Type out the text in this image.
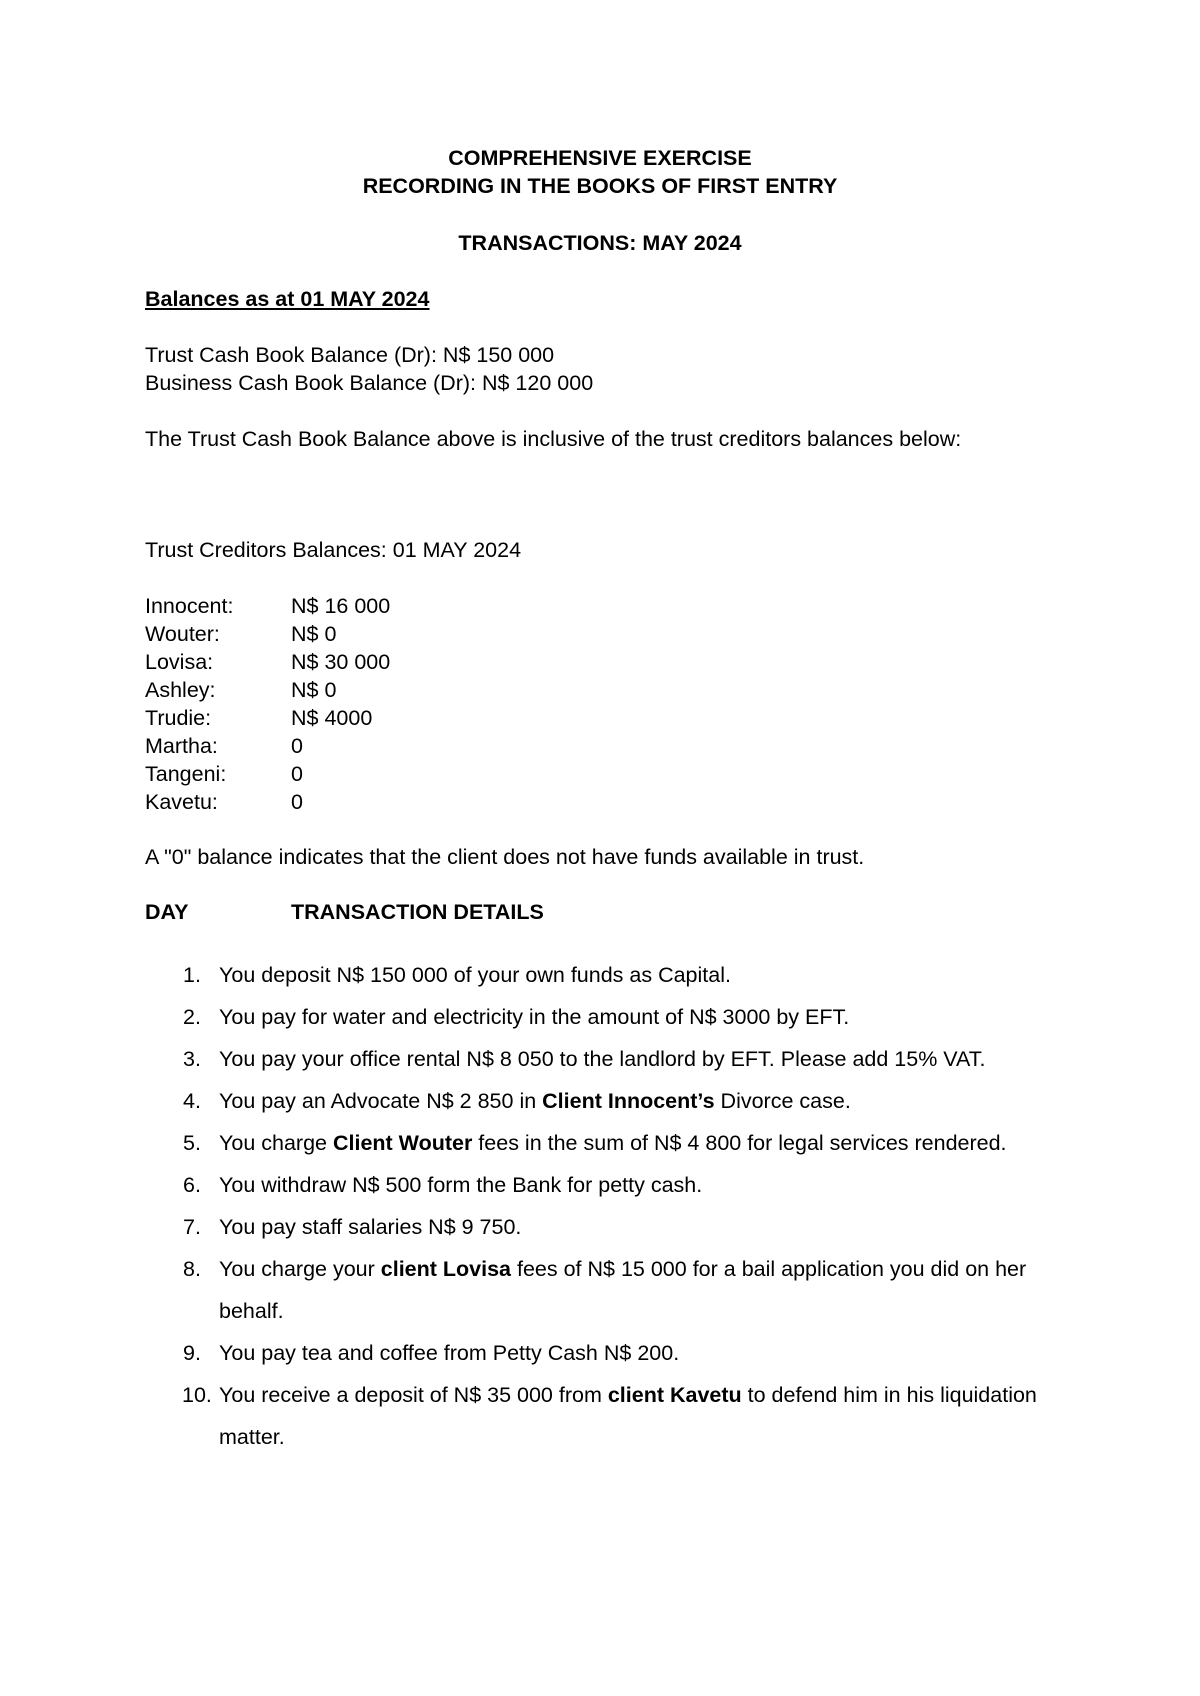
COMPREHENSIVE EXERCISE

RECORDING IN THE BOOKS OF FIRST ENTRY

TRANSACTIONS: MAY 2024

Balances as at 01 MAY 2024

Trust Cash Book Balance (Dr): N$ 150 000

Business Cash Book Balance (Dr): N$ 120 000

The Trust Cash Book Balance above is inclusive of the trust creditors balances below:

Trust Creditors Balances: 01 MAY 2024

Innocent:	N$ 16 000
Wouter:	N$ 0
Lovisa:	N$ 30 000
Ashley:	N$ 0
Trudie:	N$ 4000
Martha:	0
Tangeni:	0
Kavetu:	0

A "0" balance indicates that the client does not have funds available in trust.

DAY	TRANSACTION DETAILS

1. You deposit N$ 150 000 of your own funds as Capital.
2. You pay for water and electricity in the amount of N$ 3000 by EFT.
3. You pay your office rental N$ 8 050 to the landlord by EFT. Please add 15% VAT.
4. You pay an Advocate N$ 2 850 in Client Innocent’s Divorce case.
5. You charge Client Wouter fees in the sum of N$ 4 800 for legal services rendered.
6. You withdraw N$ 500 form the Bank for petty cash.
7. You pay staff salaries N$ 9 750.
8. You charge your client Lovisa fees of N$ 15 000 for a bail application you did on her behalf.
9. You pay tea and coffee from Petty Cash N$ 200.
10. You receive a deposit of N$ 35 000 from client Kavetu to defend him in his liquidation matter.
